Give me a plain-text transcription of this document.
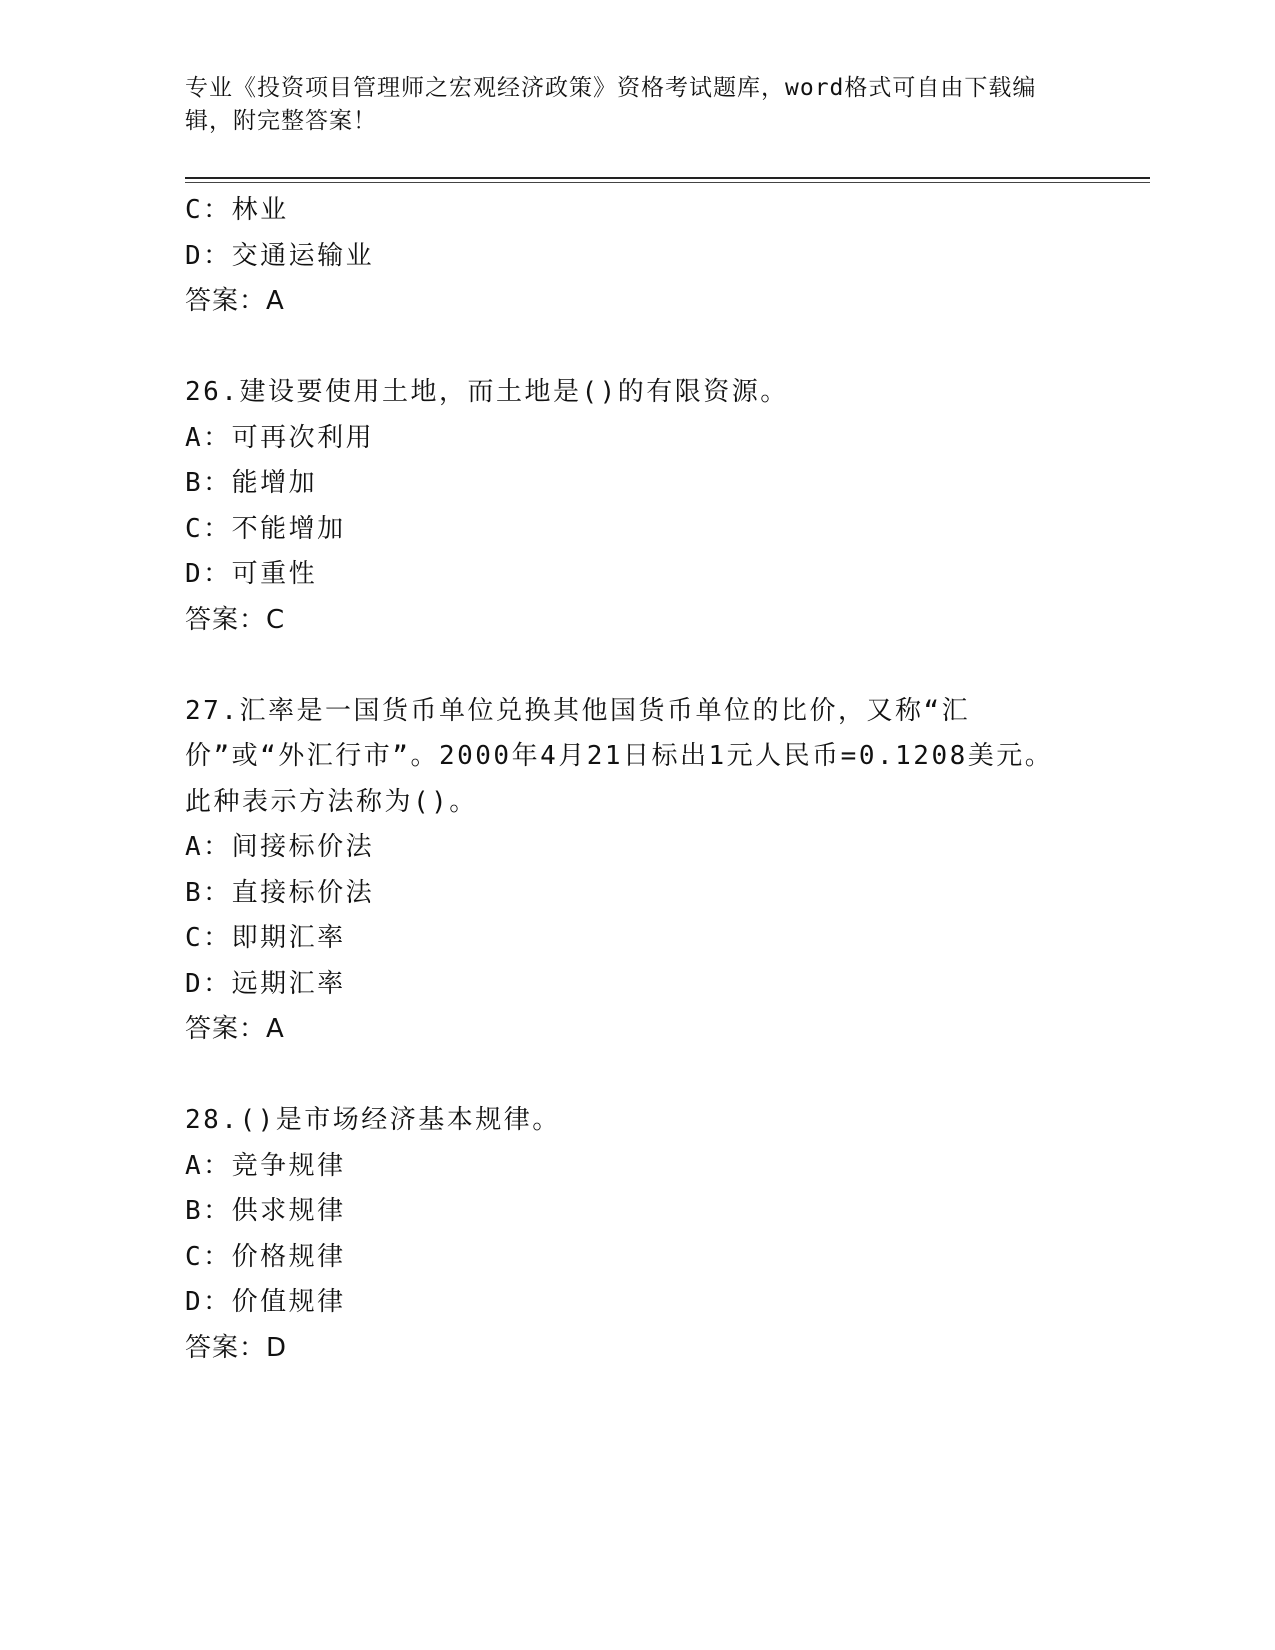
专业《投资项目管理师之宏观经济政策》资格考试题库，word格式可自由下载编辑，附完整答案！
C：林业
D：交通运输业
答案：A
26.建设要使用土地，而土地是()的有限资源。
A：可再次利用
B：能增加
C：不能增加
D：可重性
答案：C
27.汇率是一国货币单位兑换其他国货币单位的比价，又称“汇价”或“外汇行市”。2000年4月21日标出1元人民币=0.1208美元。此种表示方法称为()。
A：间接标价法
B：直接标价法
C：即期汇率
D：远期汇率
答案：A
28.()是市场经济基本规律。
A：竞争规律
B：供求规律
C：价格规律
D：价值规律
答案：D
